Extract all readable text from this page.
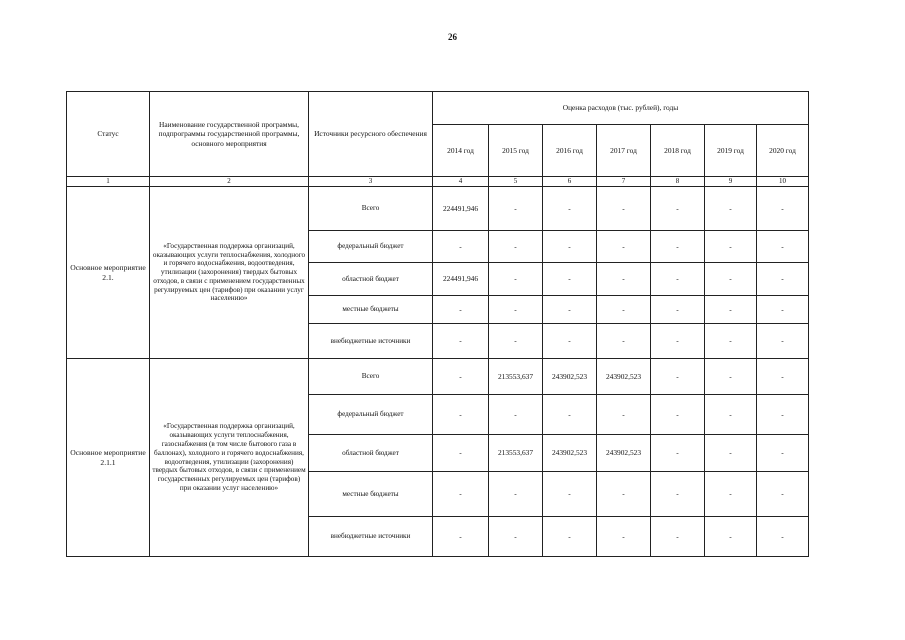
26
Статус	Наименование государственной программы, подпрограммы государственной программы, основного мероприятия	Источники ресурсного обеспечения	Оценка расходов (тыс. рублей), годы						
			2014 год	2015 год	2016 год	2017 год	2018 год	2019 год	2020 год
1	2	3	4	5	6	7	8	9	10
Основное мероприятие 2.1.	«Государственная поддержка организаций, оказывающих услуги теплоснабжения, холодного и горячего водоснабжения, водоотведения, утилизации (захоронения) твердых бытовых отходов, в связи с применением государственных регулируемых цен (тарифов) при оказании услуг населению»	Всего	224491,946	-	-	-	-	-	-
		федеральный бюджет	-	-	-	-	-	-	-
		областной бюджет	224491,946	-	-	-	-	-	-
		местные бюджеты	-	-	-	-	-	-	-
		внебюджетные источники	-	-	-	-	-	-	-
Основное мероприятие 2.1.1	«Государственная поддержка организаций, оказывающих услуги теплоснабжения, газоснабжения (в том числе бытового газа в баллонах), холодного и горячего водоснабжения, водоотведения, утилизации (захоронения) твердых бытовых отходов, в связи с применением государственных регулируемых цен (тарифов) при оказании услуг населению»	Всего	-	213553,637	243902,523	243902,523	-	-	-
		федеральный бюджет	-	-	-	-	-	-	-
		областной бюджет	-	213553,637	243902,523	243902,523	-	-	-
		местные бюджеты	-	-	-	-	-	-	-
		внебюджетные источники	-	-	-	-	-	-	-
